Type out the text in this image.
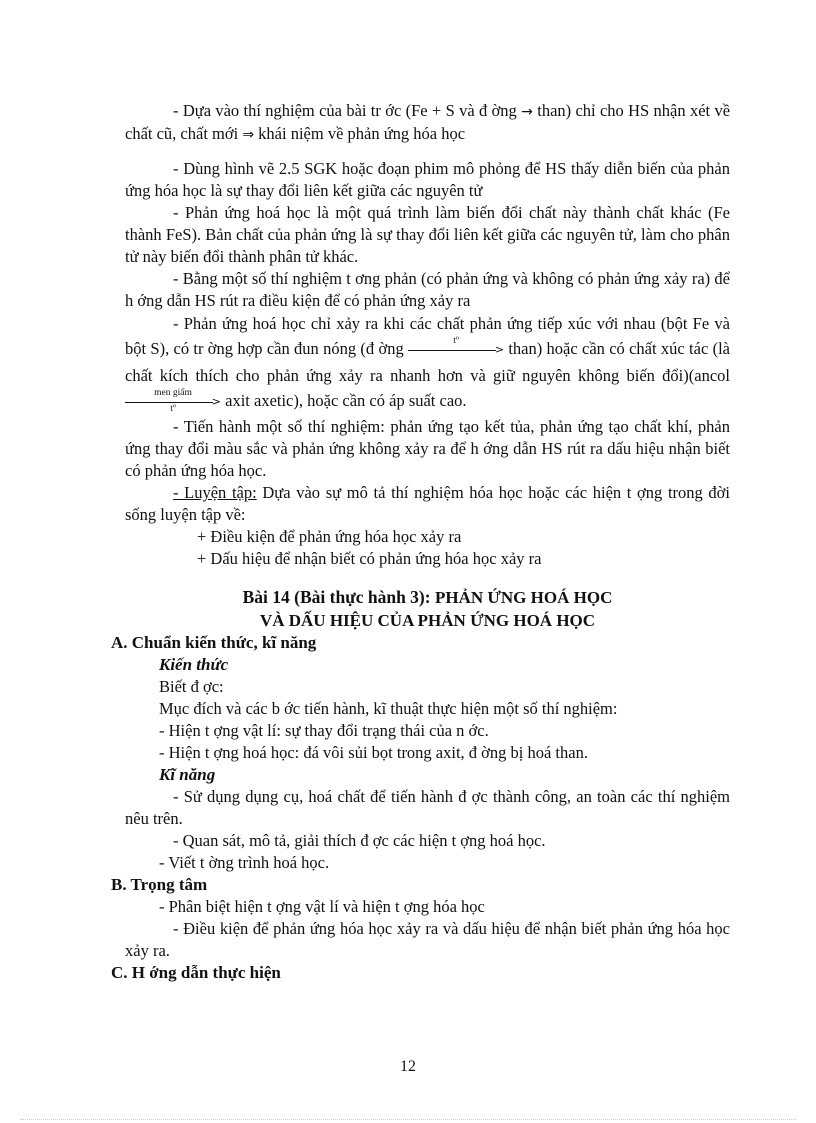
- Dựa vào thí nghiệm của bài tr ớc (Fe + S và đ ờng → than) chỉ cho HS nhận xét về chất cũ, chất mới ⇒ khái niệm về phản ứng hóa học

- Dùng hình vẽ 2.5 SGK hoặc đoạn phim mô phỏng để HS thấy diễn biến của phản ứng hóa học là sự thay đổi liên kết giữa các nguyên tử

- Phản ứng hoá học là một quá trình làm biến đổi chất này thành chất khác (Fe thành FeS). Bản chất của phản ứng là sự thay đổi liên kết giữa các nguyên tử, làm cho phân tử này biến đổi thành phân tử khác.

- Bằng một số thí nghiệm t ơng phản (có phản ứng và không có phản ứng xảy ra) để h ớng dẫn HS rút ra điều kiện để có phản ứng xảy ra

- Phản ứng hoá học chỉ xảy ra khi các chất phản ứng tiếp xúc với nhau (bột Fe và bột S), có tr ờng hợp cần đun nóng (đ ờng	tº
> than) hoặc cần có chất xúc tác (là chất kích thích cho phản ứng xảy ra nhanh hơn và giữ nguyên không biến đổi)(ancol
men giấm
>
tº	axit axetic), hoặc cần có áp suất cao.

- Tiến hành một số thí nghiệm: phản ứng tạo kết tủa, phản ứng tạo chất khí, phản ứng thay đổi màu sắc và phản ứng không xảy ra để h ớng dẫn HS rút ra dấu hiệu nhận biết có phản ứng hóa học.

- Luyện tập: Dựa vào sự mô tả thí nghiệm hóa học hoặc các hiện t ợng trong đời sống luyện tập về:

+ Điều kiện để phản ứng hóa học xảy ra

+ Dấu hiệu để nhận biết có phản ứng hóa học xảy ra

Bài 14 (Bài thực hành 3): PHẢN ỨNG HOÁ HỌC

VÀ DẤU HIỆU CỦA PHẢN ỨNG HOÁ HỌC

A. Chuẩn kiến thức, kĩ năng

Kiến thức

Biết đ ợc:

Mục đích và các b ớc tiến hành, kĩ thuật thực hiện một số thí nghiệm:

- Hiện t ợng vật lí: sự thay đổi trạng thái của n ớc.

- Hiện t ợng hoá học: đá vôi sủi bọt trong axit, đ ờng bị hoá than.

Kĩ năng

- Sử dụng dụng cụ, hoá chất để tiến hành đ ợc thành công, an toàn các thí nghiệm nêu trên.

- Quan sát, mô tả, giải thích đ ợc các hiện t ợng hoá học.

- Viết t ờng trình hoá học.

B. Trọng tâm

- Phân biệt hiện t ợng vật lí và hiện t ợng hóa học

- Điều kiện để phản ứng hóa học xảy ra và dấu hiệu để nhận biết phản ứng hóa học xảy ra.

C. H ớng dẫn thực hiện

12
